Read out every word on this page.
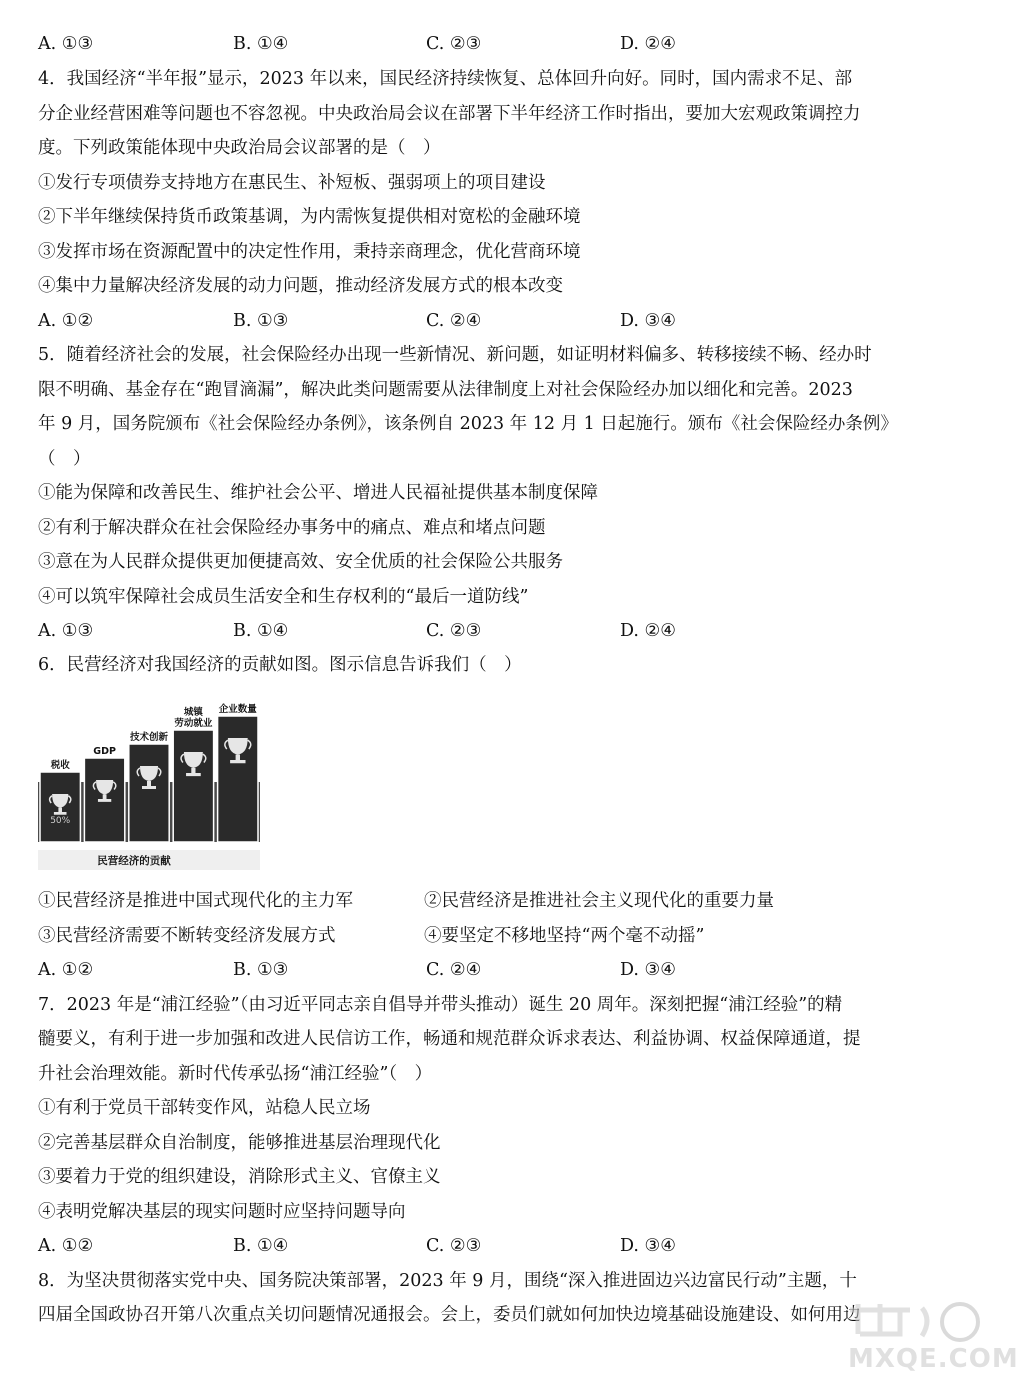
A. ①③	B. ①④	C. ②③	D. ②④
4．我国经济“半年报”显示，2023 年以来，国民经济持续恢复、总体回升向好。同时，国内需求不足、部
分企业经营困难等问题也不容忽视。中央政治局会议在部署下半年经济工作时指出，要加大宏观政策调控力
度。下列政策能体现中央政治局会议部署的是（　）
①发行专项债券支持地方在惠民生、补短板、强弱项上的项目建设
②下半年继续保持货币政策基调，为内需恢复提供相对宽松的金融环境
③发挥市场在资源配置中的决定性作用，秉持亲商理念，优化营商环境
④集中力量解决经济发展的动力问题，推动经济发展方式的根本改变
A. ①②	B. ①③	C. ②④	D. ③④
5．随着经济社会的发展，社会保险经办出现一些新情况、新问题，如证明材料偏多、转移接续不畅、经办时
限不明确、基金存在“跑冒滴漏”，解决此类问题需要从法律制度上对社会保险经办加以细化和完善。2023
年 9 月，国务院颁布《社会保险经办条例》，该条例自 2023 年 12 月 1 日起施行。颁布《社会保险经办条例》
（　）
①能为保障和改善民生、维护社会公平、增进人民福祉提供基本制度保障
②有利于解决群众在社会保险经办事务中的痛点、难点和堵点问题
③意在为人民群众提供更加便捷高效、安全优质的社会保险公共服务
④可以筑牢保障社会成员生活安全和生存权利的“最后一道防线”
A. ①③	B. ①④	C. ②③	D. ②④
6．民营经济对我国经济的贡献如图。图示信息告诉我们（　）
税收
50%
GDP
技术创新
城镇
劳动就业
企业数量
民营经济的贡献
①民营经济是推进中国式现代化的主力军	②民营经济是推进社会主义现代化的重要力量
③民营经济需要不断转变经济发展方式	④要坚定不移地坚持“两个毫不动摇”
A. ①②	B. ①③	C. ②④	D. ③④
7．2023 年是“浦江经验”（由习近平同志亲自倡导并带头推动）诞生 20 周年。深刻把握“浦江经验”的精
髓要义，有利于进一步加强和改进人民信访工作，畅通和规范群众诉求表达、利益协调、权益保障通道，提
升社会治理效能。新时代传承弘扬“浦江经验”（　）
①有利于党员干部转变作风，站稳人民立场
②完善基层群众自治制度，能够推进基层治理现代化
③要着力于党的组织建设，消除形式主义、官僚主义
④表明党解决基层的现实问题时应坚持问题导向
A. ①②	B. ①④	C. ②③	D. ③④
8．为坚决贯彻落实党中央、国务院决策部署，2023 年 9 月，围绕“深入推进固边兴边富民行动”主题，十
四届全国政协召开第八次重点关切问题情况通报会。会上，委员们就如何加快边境基础设施建设、如何用边
MXQE.COM
